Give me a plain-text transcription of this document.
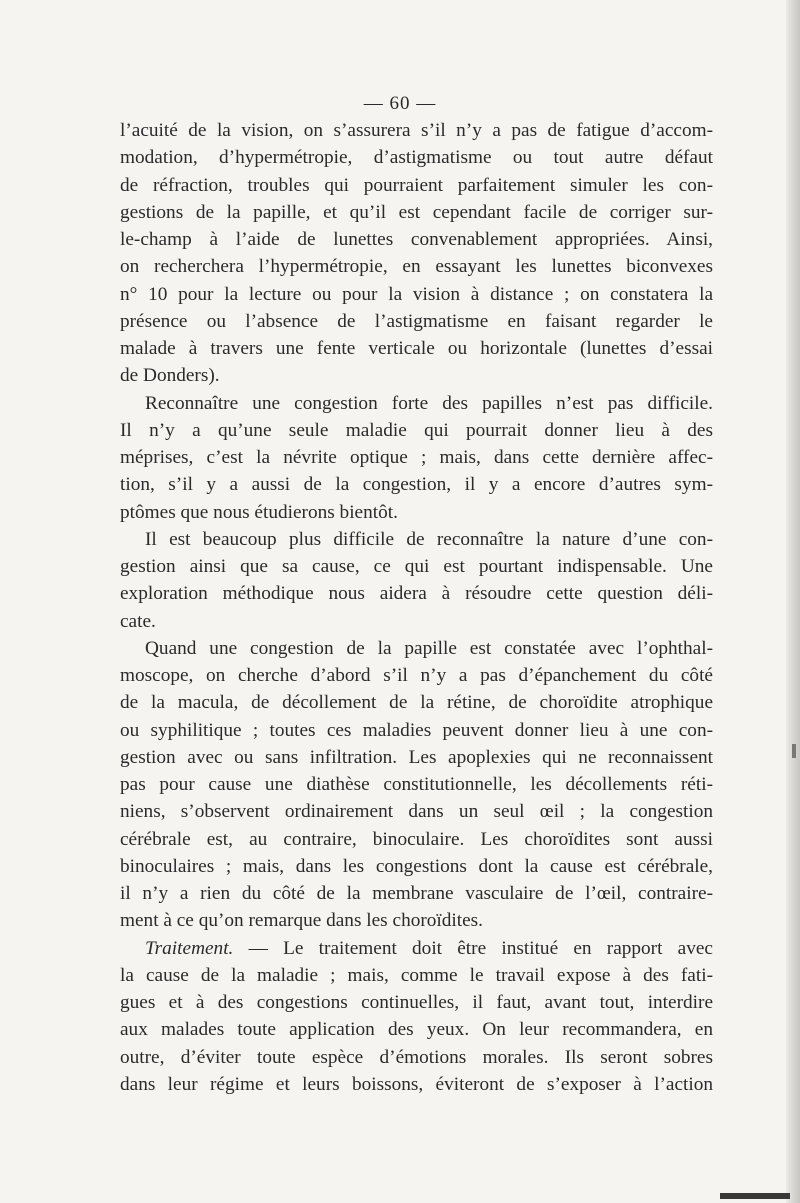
— 60 —
l’acuité de la vision, on s’assurera s’il n’y a pas de fatigue d’accom-
modation, d’hypermétropie, d’astigmatisme ou tout autre défaut
de réfraction, troubles qui pourraient parfaitement simuler les con-
gestions de la papille, et qu’il est cependant facile de corriger sur-
le-champ à l’aide de lunettes convenablement appropriées. Ainsi,
on recherchera l’hypermétropie, en essayant les lunettes biconvexes
n° 10 pour la lecture ou pour la vision à distance ; on constatera la
présence ou l’absence de l’astigmatisme en faisant regarder le
malade à travers une fente verticale ou horizontale (lunettes d’essai
de Donders).
Reconnaître une congestion forte des papilles n’est pas difficile.
Il n’y a qu’une seule maladie qui pourrait donner lieu à des
méprises, c’est la névrite optique ; mais, dans cette dernière affec-
tion, s’il y a aussi de la congestion, il y a encore d’autres sym-
ptômes que nous étudierons bientôt.
Il est beaucoup plus difficile de reconnaître la nature d’une con-
gestion ainsi que sa cause, ce qui est pourtant indispensable. Une
exploration méthodique nous aidera à résoudre cette question déli-
cate.
Quand une congestion de la papille est constatée avec l’ophthal-
moscope, on cherche d’abord s’il n’y a pas d’épanchement du côté
de la macula, de décollement de la rétine, de choroïdite atrophique
ou syphilitique ; toutes ces maladies peuvent donner lieu à une con-
gestion avec ou sans infiltration. Les apoplexies qui ne reconnaissent
pas pour cause une diathèse constitutionnelle, les décollements réti-
niens, s’observent ordinairement dans un seul œil ; la congestion
cérébrale est, au contraire, binoculaire. Les choroïdites sont aussi
binoculaires ; mais, dans les congestions dont la cause est cérébrale,
il n’y a rien du côté de la membrane vasculaire de l’œil, contraire-
ment à ce qu’on remarque dans les choroïdites.
Traitement. — Le traitement doit être institué en rapport avec
la cause de la maladie ; mais, comme le travail expose à des fati-
gues et à des congestions continuelles, il faut, avant tout, interdire
aux malades toute application des yeux. On leur recommandera, en
outre, d’éviter toute espèce d’émotions morales. Ils seront sobres
dans leur régime et leurs boissons, éviteront de s’exposer à l’action
